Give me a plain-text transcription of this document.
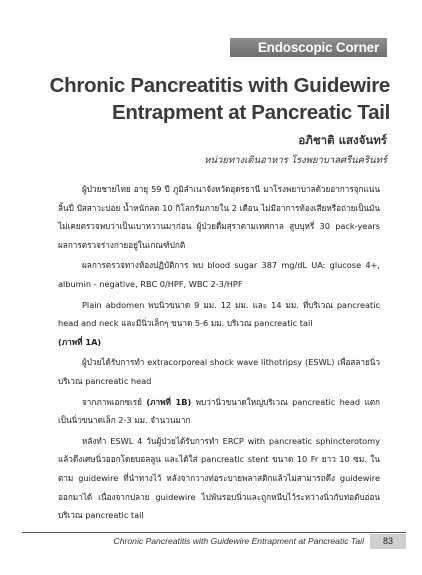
Endoscopic Corner
Chronic Pancreatitis with Guidewire
Entrapment at Pancreatic Tail
อภิชาติ แสงจันทร์
หน่วยทางเดินอาหาร โรงพยาบาลศรีนครินทร์

ผู้ป่วยชายไทย อายุ 59 ปี ภูมิลำเนาจังหวัดอุดรธานี มาโรงพยาบาลด้วยอาการจุกแน่นลิ้นปี่ ปัสสาวะบ่อย น้ำหนักลด 10 กิโลกรัมภายใน 2 เดือน ไม่มีอาการท้องเสียหรือถ่ายเป็นมัน ไม่เคยตรวจพบว่าเป็นเบาหวานมาก่อน ผู้ป่วยดื่มสุราตามเทศกาล สูบบุหรี่ 30 pack-years ผลการตรวจร่างกายอยู่ในเกณฑ์ปกติ

ผลการตรวจทางห้องปฏิบัติการ พบ blood sugar 387 mg/dL UA: glucose 4+, albumin - negative, RBC 0/HPF, WBC 2-3/HPF

Plain abdomen พบนิ่วขนาด 9 มม. 12 มม. และ 14 มม. ที่บริเวณ pancreatic head and neck และมีนิ่วเล็กๆ ขนาด 5-6 มม. บริเวณ pancreatic tail
(ภาพที่ 1A)

ผู้ป่วยได้รับการทำ extracorporeal shock wave lithotripsy (ESWL) เพื่อสลายนิ่วบริเวณ pancreatic head

จากภาพเอกซเรย์ (ภาพที่ 1B) พบว่านิ่วขนาดใหญ่บริเวณ pancreatic head แตกเป็นนิ่วขนาดเล็ก 2-3 มม. จำนวนมาก

หลังทำ ESWL 4 วันผู้ป่วยได้รับการทำ ERCP with pancreatic sphincterotomy แล้วดึงเศษนิ่วออกโดยบอลลูน และได้ใส่ pancreatic stent ขนาด 10 Fr ยาว 10 ซม. ในตาม guidewire ที่นำทางไว้ หลังจากวางท่อระบายพลาสติกแล้วไม่สามารถดึง guidewire ออกมาได้ เนื่องจากปลาย guidewire ไปพันรอบนิ่วและถูกหนีบไว้ระหว่างนิ่วกับท่อตับอ่อนบริเวณ pancreatic tail

Chronic Pancreatitis with Guidewire Entrapment at Pancreatic Tail	83
